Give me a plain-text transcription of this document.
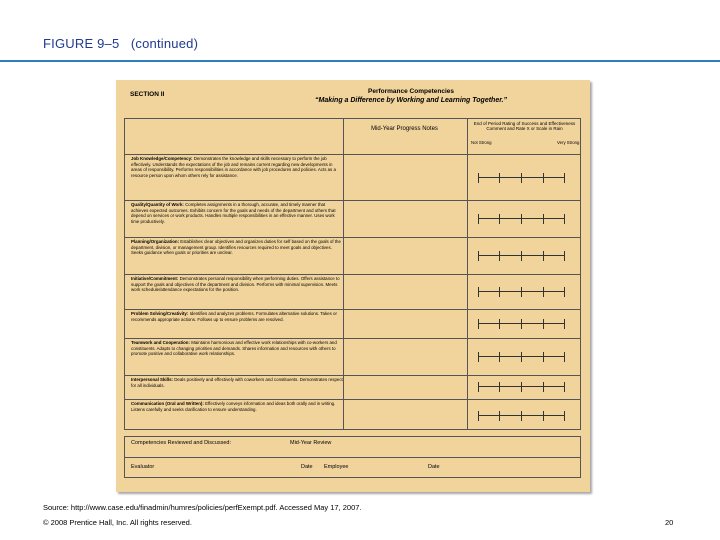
FIGURE 9–5 (continued)
SECTION II	Performance Competencies
“Making a Difference by Working and Learning Together.”
Mid-Year Progress Notes
End of Period Rating of Success and Effectiveness Comment and Rate X or Scale in Rain
Not Strong	Very Strong
Job Knowledge/Competency: Demonstrates the knowledge and skills necessary to perform the job effectively. Understands the expectations of the job and remains current regarding new developments in areas of responsibility. Performs responsibilities in accordance with job procedures and policies. Acts as a resource person upon whom others rely for assistance.
Quality/Quantity of Work: Completes assignments in a thorough, accurate, and timely manner that achieves expected outcomes. Exhibits concern for the goals and needs of the department and others that depend on services or work products. Handles multiple responsibilities in an effective manner. Uses work time productively.
Planning/Organization: Establishes clear objectives and organizes duties for self based on the goals of the department, division, or management group. Identifies resources required to meet goals and objectives. Seeks guidance when goals or priorities are unclear.
Initiative/Commitment: Demonstrates personal responsibility when performing duties. Offers assistance to support the goals and objectives of the department and division. Performs with minimal supervision. Meets work schedule/attendance expectations for the position.
Problem Solving/Creativity: Identifies and analyzes problems. Formulates alternative solutions. Takes or recommends appropriate actions. Follows up to ensure problems are resolved.
Teamwork and Cooperation: Maintains harmonious and effective work relationships with co-workers and constituents. Adapts to changing priorities and demands. Shares information and resources with others to promote positive and collaborative work relationships.
Interpersonal Skills: Deals positively and effectively with coworkers and constituents. Demonstrates respect for all individuals.
Communication (Oral and Written): Effectively conveys information and ideas both orally and in writing. Listens carefully and seeks clarification to ensure understanding.
Competencies Reviewed and Discussed:	Mid-Year Review
Evaluator	Date Employee	Date
Source: http://www.case.edu/finadmin/humres/policies/perfExempt.pdf. Accessed May 17, 2007.
© 2008 Prentice Hall, Inc. All rights reserved.	20
